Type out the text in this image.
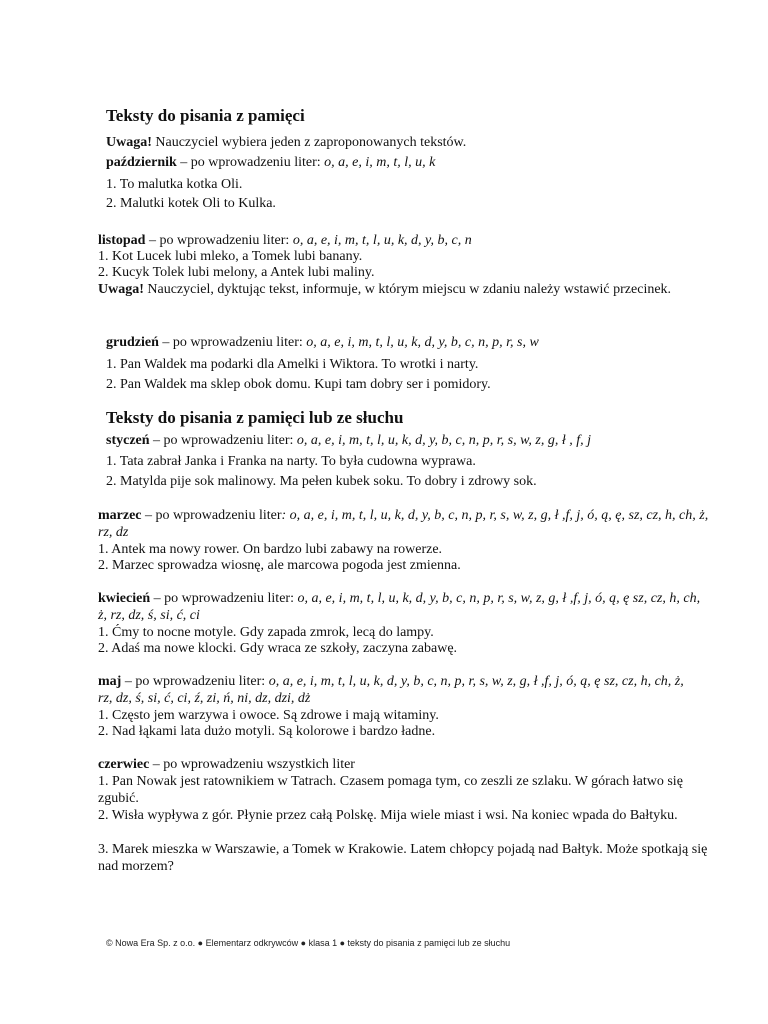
Teksty do pisania z pamięci
Uwaga! Nauczyciel wybiera jeden z zaproponowanych tekstów.
październik – po wprowadzeniu liter: o, a, e, i, m, t, l, u, k
1. To malutka kotka Oli.
2. Malutki kotek Oli to Kulka.
listopad – po wprowadzeniu liter: o, a, e, i, m, t, l, u, k, d, y, b, c, n
1. Kot Lucek lubi mleko, a Tomek lubi banany.
2. Kucyk Tolek lubi melony, a Antek lubi maliny.
Uwaga! Nauczyciel, dyktując tekst, informuje, w którym miejscu w zdaniu należy wstawić przecinek.
grudzień – po wprowadzeniu liter: o, a, e, i, m, t, l, u, k, d, y, b, c, n, p, r, s, w
1. Pan Waldek ma podarki dla Amelki i Wiktora. To wrotki i narty.
2. Pan Waldek ma sklep obok domu. Kupi tam dobry ser i pomidory.
Teksty do pisania z pamięci lub ze słuchu
styczeń – po wprowadzeniu liter: o, a, e, i, m, t, l, u, k, d, y, b, c, n, p, r, s, w, z, g, ł , f, j
1. Tata zabrał Janka i Franka na narty. To była cudowna wyprawa.
2. Matylda pije sok malinowy. Ma pełen kubek soku. To dobry i zdrowy sok.
marzec – po wprowadzeniu liter: o, a, e, i, m, t, l, u, k, d, y, b, c, n, p, r, s, w, z, g, ł ,f, j, ó, ą, ę, sz, cz, h, ch, ż, rz, dz
1. Antek ma nowy rower. On bardzo lubi zabawy na rowerze.
2. Marzec sprowadza wiosnę, ale marcowa pogoda jest zmienna.
kwiecień – po wprowadzeniu liter: o, a, e, i, m, t, l, u, k, d, y, b, c, n, p, r, s, w, z, g, ł ,f, j, ó, ą, ę sz, cz, h, ch, ż, rz, dz, ś, si, ć, ci
1. Ćmy to nocne motyle. Gdy zapada zmrok, lecą do lampy.
2. Adaś ma nowe klocki. Gdy wraca ze szkoły, zaczyna zabawę.
maj – po wprowadzeniu liter: o, a, e, i, m, t, l, u, k, d, y, b, c, n, p, r, s, w, z, g, ł ,f, j, ó, ą, ę sz, cz, h, ch, ż, rz, dz, ś, si, ć, ci, ź, zi, ń, ni, dz, dzi, dż
1. Często jem warzywa i owoce. Są zdrowe i mają witaminy.
2. Nad łąkami lata dużo motyli. Są kolorowe i bardzo ładne.
czerwiec – po wprowadzeniu wszystkich liter
1. Pan Nowak jest ratownikiem w Tatrach. Czasem pomaga tym, co zeszli ze szlaku. W górach łatwo się zgubić.
2. Wisła wypływa z gór. Płynie przez całą Polskę. Mija wiele miast i wsi. Na koniec wpada do Bałtyku.
3. Marek mieszka w Warszawie, a Tomek w Krakowie. Latem chłopcy pojadą nad Bałtyk. Może spotkają się nad morzem?
© Nowa Era Sp. z o.o. ● Elementarz odkrywców ● klasa 1 ● teksty do pisania z pamięci lub ze słuchu
